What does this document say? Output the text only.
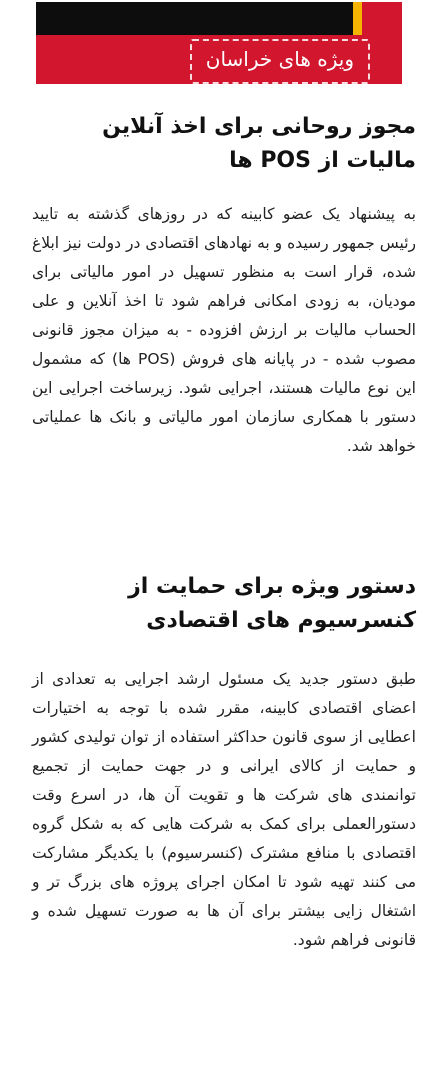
ویژه های خراسان
مجوز روحانی برای اخذ آنلاین مالیات از POS ها

به پیشنهاد یک عضو کابینه که در روزهای گذشته به تایید رئیس جمهور رسیده و به نهادهای اقتصادی در دولت نیز ابلاغ شده، قرار است به منظور تسهیل در امور مالیاتی برای مودیان، به زودی امکانی فراهم شود تا اخذ آنلاین و علی الحساب مالیات بر ارزش افزوده - به میزان مجوز قانونی مصوب شده - در پایانه های فروش (POS ها) که مشمول این نوع مالیات هستند، اجرایی شود. زیرساخت اجرایی این دستور با همکاری سازمان امور مالیاتی و بانک ها عملیاتی خواهد شد.

دستور ویژه برای حمایت از کنسرسیوم های اقتصادی

طبق دستور جدید یک مسئول ارشد اجرایی به تعدادی از اعضای اقتصادی کابینه، مقرر شده با توجه به اختیارات اعطایی از سوی قانون حداکثر استفاده از توان تولیدی کشور و حمایت از کالای ایرانی و در جهت حمایت از تجمیع توانمندی های شرکت ها و تقویت آن ها، در اسرع وقت دستورالعملی برای کمک به شرکت هایی که به شکل گروه اقتصادی با منافع مشترک (کنسرسیوم) با یکدیگر مشارکت می کنند تهیه شود تا امکان اجرای پروژه های بزرگ تر و اشتغال زایی بیشتر برای آن ها به صورت تسهیل شده و قانونی فراهم شود.
